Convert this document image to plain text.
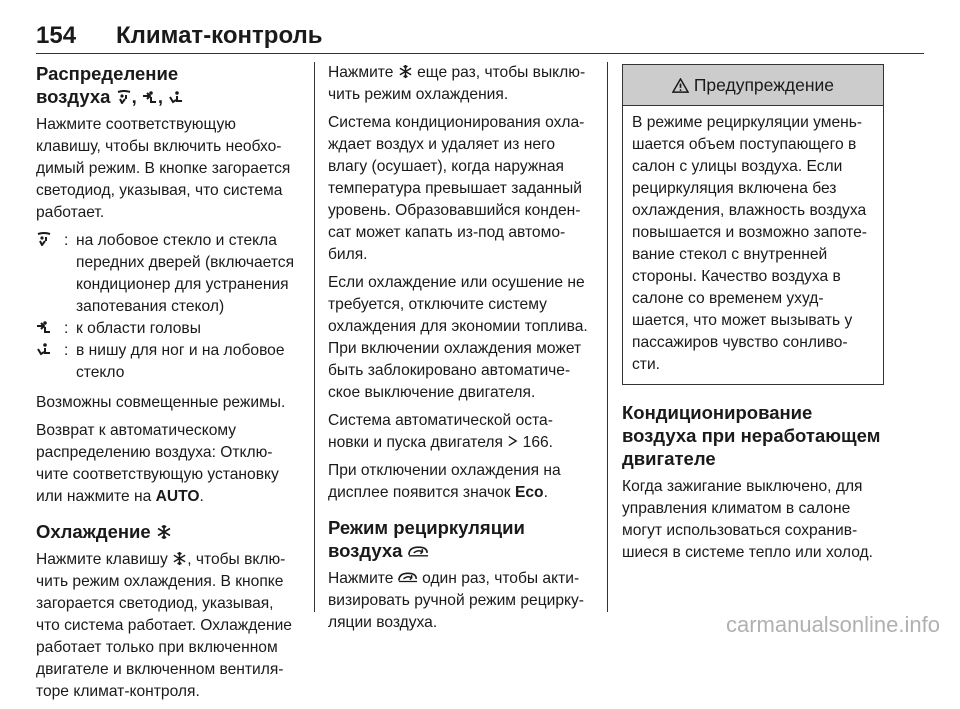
154 Климат-контроль
Распределение
воздуха , ,

Нажмите соответствующую клавишу, чтобы включить необхо-димый режим. В кнопке загорается светодиод, указывая, что система работает.

: на лобовое стекло и стекла передних дверей (включается кондиционер для устранения запотевания стекол)
: к области головы
: в нишу для ног и на лобовое стекло

Возможны совмещенные режимы.

Возврат к автоматическому распределению воздуха: Отклю-чите соответствующую установку или нажмите на AUTO.

Охлаждение

Нажмите клавишу , чтобы вклю-чить режим охлаждения. В кнопке загорается светодиод, указывая, что система работает. Охлаждение работает только при включенном двигателе и включенном вентиля-торе климат-контроля.

Нажмите еще раз, чтобы выклю-чить режим охлаждения.

Система кондиционирования охла-ждает воздух и удаляет из него влагу (осушает), когда наружная температура превышает заданный уровень. Образовавшийся конден-сат может капать из-под автомо-биля.

Если охлаждение или осушение не требуется, отключите систему охлаждения для экономии топлива. При включении охлаждения может быть заблокировано автоматиче-ское выключение двигателя.

Система автоматической оста-новки и пуска двигателя 166.

При отключении охлаждения на дисплее появится значок Eco.

Режим рециркуляции
воздуха

Нажмите один раз, чтобы акти-визировать ручной режим рецирку-ляции воздуха.

Предупреждение
В режиме рециркуляции умень-шается объем поступающего в салон с улицы воздуха. Если рециркуляция включена без охлаждения, влажность воздуха повышается и возможно запоте-вание стекол с внутренней стороны. Качество воздуха в салоне со временем ухуд-шается, что может вызывать у пассажиров чувство сонливо-сти.
Кондиционирование воздуха при неработающем двигателе

Когда зажигание выключено, для управления климатом в салоне могут использоваться сохранив-шиеся в системе тепло или холод.

carmanualsonline.info
